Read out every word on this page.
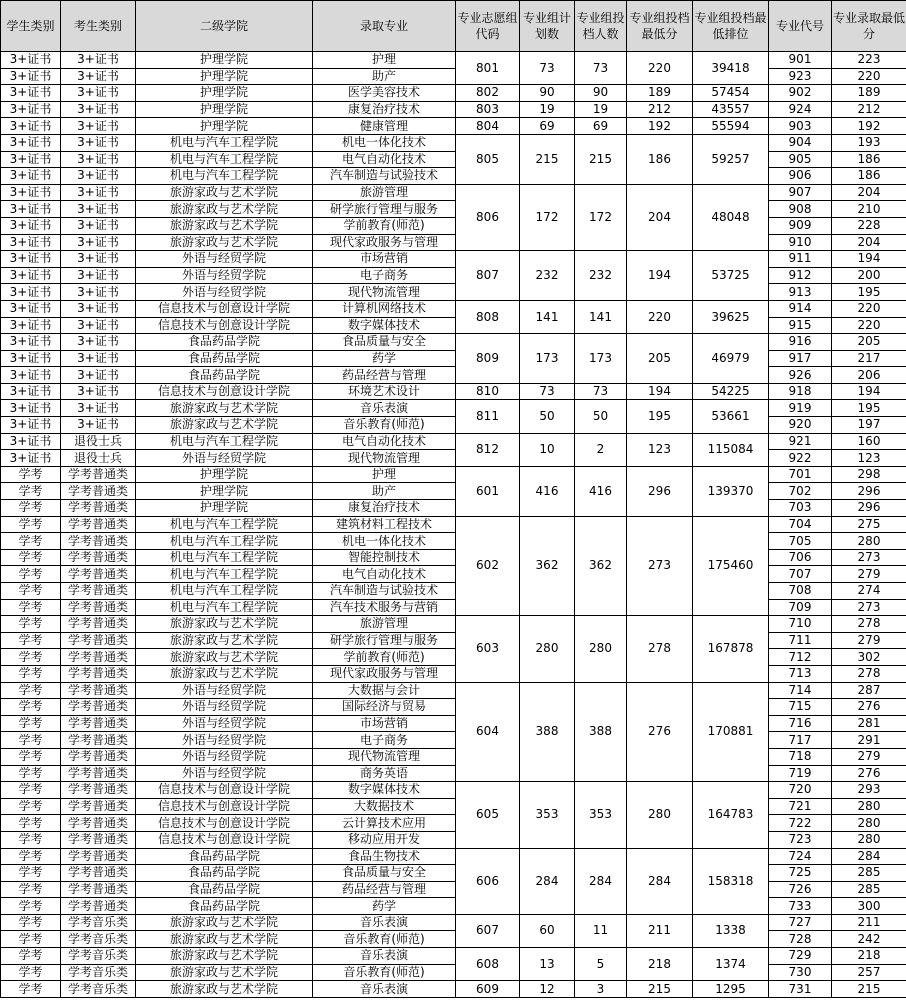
学生类别	考生类别	二级学院	录取专业	专业志愿组代码	专业组计划数	专业组投档人数	专业组投档最低分	专业组投档最低排位	专业代号	专业录取最低分
3+证书	3+证书	护理学院	护理	801	73	73	220	39418	901	223
3+证书	3+证书	护理学院	助产						923	220
3+证书	3+证书	护理学院	医学美容技术	802	90	90	189	57454	902	189
3+证书	3+证书	护理学院	康复治疗技术	803	19	19	212	43557	924	212
3+证书	3+证书	护理学院	健康管理	804	69	69	192	55594	903	192
3+证书	3+证书	机电与汽车工程学院	机电一体化技术	805	215	215	186	59257	904	193
3+证书	3+证书	机电与汽车工程学院	电气自动化技术						905	186
3+证书	3+证书	机电与汽车工程学院	汽车制造与试验技术						906	186
3+证书	3+证书	旅游家政与艺术学院	旅游管理	806	172	172	204	48048	907	204
3+证书	3+证书	旅游家政与艺术学院	研学旅行管理与服务						908	210
3+证书	3+证书	旅游家政与艺术学院	学前教育(师范)						909	228
3+证书	3+证书	旅游家政与艺术学院	现代家政服务与管理						910	204
3+证书	3+证书	外语与经贸学院	市场营销	807	232	232	194	53725	911	194
3+证书	3+证书	外语与经贸学院	电子商务						912	200
3+证书	3+证书	外语与经贸学院	现代物流管理						913	195
3+证书	3+证书	信息技术与创意设计学院	计算机网络技术	808	141	141	220	39625	914	220
3+证书	3+证书	信息技术与创意设计学院	数字媒体技术						915	220
3+证书	3+证书	食品药品学院	食品质量与安全	809	173	173	205	46979	916	205
3+证书	3+证书	食品药品学院	药学						917	217
3+证书	3+证书	食品药品学院	药品经营与管理						926	206
3+证书	3+证书	信息技术与创意设计学院	环境艺术设计	810	73	73	194	54225	918	194
3+证书	3+证书	旅游家政与艺术学院	音乐表演	811	50	50	195	53661	919	195
3+证书	3+证书	旅游家政与艺术学院	音乐教育(师范)						920	197
3+证书	退役士兵	机电与汽车工程学院	电气自动化技术	812	10	2	123	115084	921	160
3+证书	退役士兵	外语与经贸学院	现代物流管理						922	123
学考	学考普通类	护理学院	护理	601	416	416	296	139370	701	298
学考	学考普通类	护理学院	助产						702	296
学考	学考普通类	护理学院	康复治疗技术						703	296
学考	学考普通类	机电与汽车工程学院	建筑材料工程技术	602	362	362	273	175460	704	275
学考	学考普通类	机电与汽车工程学院	机电一体化技术						705	280
学考	学考普通类	机电与汽车工程学院	智能控制技术						706	273
学考	学考普通类	机电与汽车工程学院	电气自动化技术						707	279
学考	学考普通类	机电与汽车工程学院	汽车制造与试验技术						708	274
学考	学考普通类	机电与汽车工程学院	汽车技术服务与营销						709	273
学考	学考普通类	旅游家政与艺术学院	旅游管理	603	280	280	278	167878	710	278
学考	学考普通类	旅游家政与艺术学院	研学旅行管理与服务						711	279
学考	学考普通类	旅游家政与艺术学院	学前教育(师范)						712	302
学考	学考普通类	旅游家政与艺术学院	现代家政服务与管理						713	278
学考	学考普通类	外语与经贸学院	大数据与会计	604	388	388	276	170881	714	287
学考	学考普通类	外语与经贸学院	国际经济与贸易						715	276
学考	学考普通类	外语与经贸学院	市场营销						716	281
学考	学考普通类	外语与经贸学院	电子商务						717	291
学考	学考普通类	外语与经贸学院	现代物流管理						718	279
学考	学考普通类	外语与经贸学院	商务英语						719	276
学考	学考普通类	信息技术与创意设计学院	数字媒体技术	605	353	353	280	164783	720	293
学考	学考普通类	信息技术与创意设计学院	大数据技术						721	280
学考	学考普通类	信息技术与创意设计学院	云计算技术应用						722	280
学考	学考普通类	信息技术与创意设计学院	移动应用开发						723	280
学考	学考普通类	食品药品学院	食品生物技术	606	284	284	284	158318	724	284
学考	学考普通类	食品药品学院	食品质量与安全						725	285
学考	学考普通类	食品药品学院	药品经营与管理						726	285
学考	学考普通类	食品药品学院	药学						733	300
学考	学考音乐类	旅游家政与艺术学院	音乐表演	607	60	11	211	1338	727	211
学考	学考音乐类	旅游家政与艺术学院	音乐教育(师范)						728	242
学考	学考音乐类	旅游家政与艺术学院	音乐表演	608	13	5	218	1374	729	218
学考	学考音乐类	旅游家政与艺术学院	音乐教育(师范)						730	257
学考	学考音乐类	旅游家政与艺术学院	音乐表演	609	12	3	215	1295	731	215
